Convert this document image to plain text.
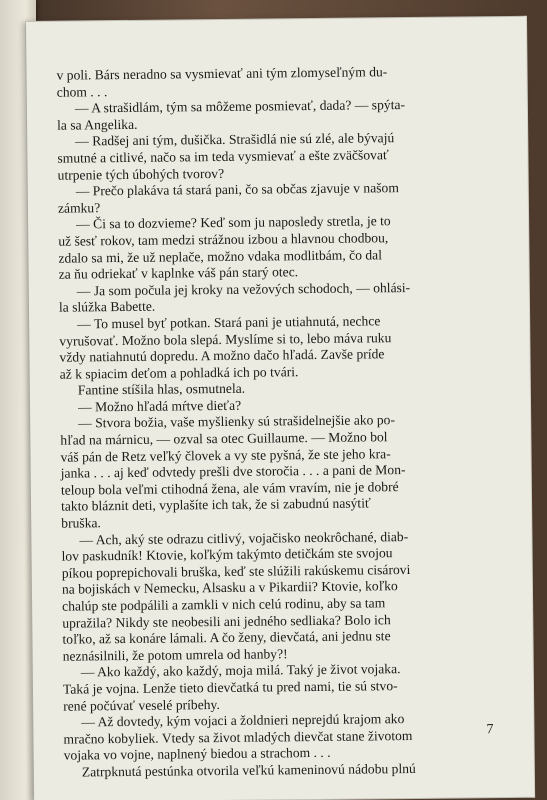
v poli. Bárs neradno sa vysmievať ani tým zlomyseľným du-
chom . . .
— A strašidlám, tým sa môžeme posmievať, dada? — spýta-
la sa Angelika.
— Radšej ani tým, dušička. Strašidlá nie sú zlé, ale bývajú
smutné a citlivé, načo sa im teda vysmievať a ešte zväčšovať
utrpenie tých úbohých tvorov?
— Prečo plakáva tá stará pani, čo sa občas zjavuje v našom
zámku?
— Či sa to dozvieme? Keď som ju naposledy stretla, je to
už šesť rokov, tam medzi strážnou izbou a hlavnou chodbou,
zdalo sa mi, že už neplače, možno vdaka modlitbám, čo dal
za ňu odriekať v kaplnke váš pán starý otec.
— Ja som počula jej kroky na vežových schodoch, — ohlási-
la slúžka Babette.
— To musel byť potkan. Stará pani je utiahnutá, nechce
vyrušovať. Možno bola slepá. Myslíme si to, lebo máva ruku
vždy natiahnutú dopredu. A možno dačo hľadá. Zavše príde
až k spiacim deťom a pohladká ich po tvári.
Fantine stíšila hlas, osmutnela.
— Možno hľadá mŕtve dieťa?
— Stvora božia, vaše myšlienky sú strašidelnejšie ako po-
hľad na márnicu, — ozval sa otec Guillaume. — Možno bol
váš pán de Retz veľký človek a vy ste pyšná, že ste jeho kra-
janka . . . aj keď odvtedy prešli dve storočia . . . a pani de Mon-
teloup bola veľmi ctihodná žena, ale vám vravím, nie je dobré
takto bláznit deti, vyplašíte ich tak, že si zabudnú nasýtiť
bruška.
— Ach, aký ste odrazu citlivý, vojačisko neokrôchané, diab-
lov paskudník! Ktovie, koľkým takýmto detičkám ste svojou
píkou poprepichovali bruška, keď ste slúžili rakúskemu cisárovi
na bojiskách v Nemecku, Alsasku a v Pikardii? Ktovie, koľko
chalúp ste podpálili a zamkli v nich celú rodinu, aby sa tam
upražila? Nikdy ste neobesili ani jedného sedliaka? Bolo ich
toľko, až sa konáre lámali. A čo ženy, dievčatá, ani jednu ste
neznásilnili, že potom umrela od hanby?!
— Ako každý, ako každý, moja milá. Taký je život vojaka.
Taká je vojna. Lenže tieto dievčatká tu pred nami, tie sú stvo-
rené počúvať veselé príbehy.
— Až dovtedy, kým vojaci a žoldnieri nepreјdú krajom ako
mračno kobyliek. Vtedy sa život mladých dievčat stane životom
vojaka vo vojne, naplnený biedou a strachom . . .
Zatrpknutá pestúnka otvorila veľkú kameninovú nádobu plnú
7
